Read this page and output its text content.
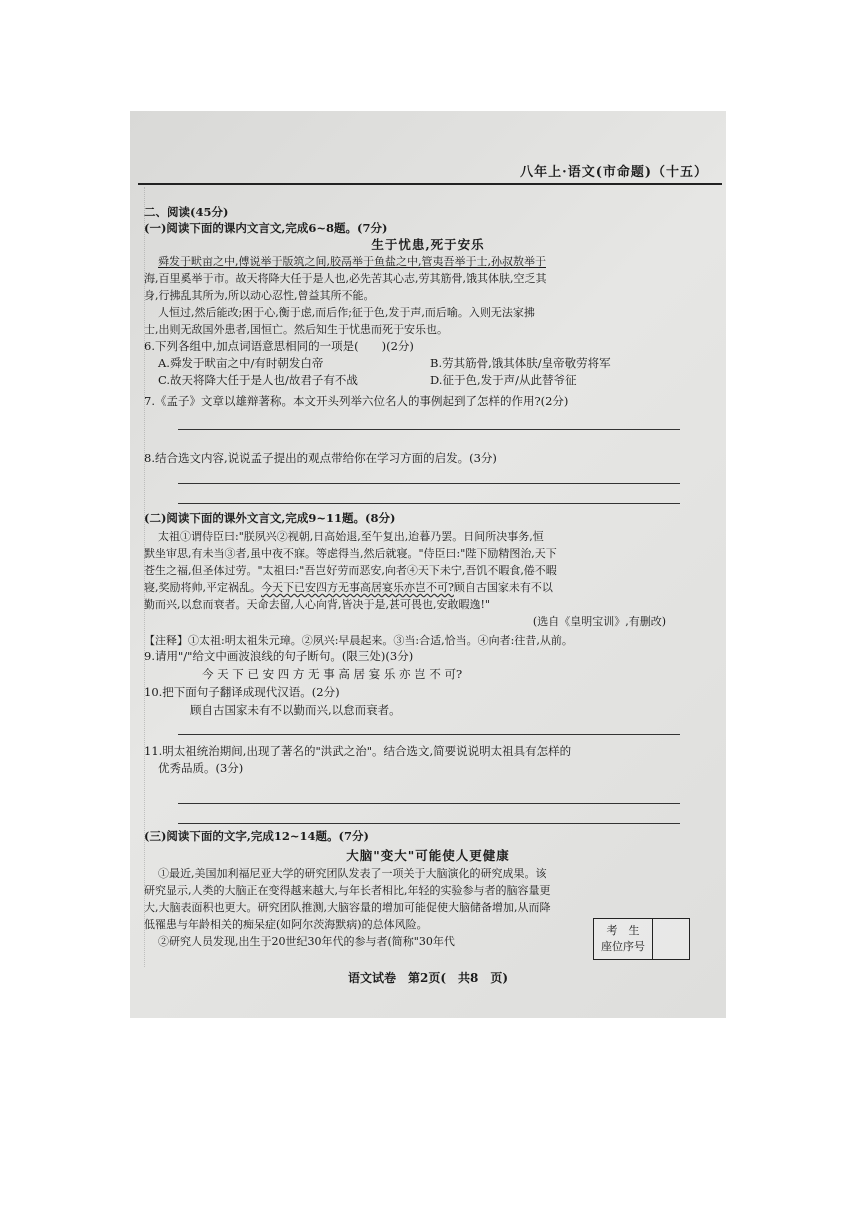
八年上·语文(市命题)（十五）
二、阅读(45分)
(一)阅读下面的课内文言文,完成6~8题。(7分)
生于忧患,死于安乐
舜发于畎亩之中,傅说举于版筑之间,胶鬲举于鱼盐之中,管夷吾举于士,孙叔敖举于
海,百里奚举于市。故天将降大任于是人也,必先苦其心志,劳其筋骨,饿其体肤,空乏其
身,行拂乱其所为,所以动心忍性,曾益其所不能。
人恒过,然后能改;困于心,衡于虑,而后作;征于色,发于声,而后喻。入则无法家拂
士,出则无敌国外患者,国恒亡。然后知生于忧患而死于安乐也。
6.下列各组中,加点词语意思相同的一项是(　　)(2分)
A.舜发于畎亩之中/有时朝发白帝	B.劳其筋骨,饿其体肤/皇帝敬劳将军
C.故天将降大任于是人也/故君子有不战	D.征于色,发于声/从此替爷征
7.《孟子》文章以雄辩著称。本文开头列举六位名人的事例起到了怎样的作用?(2分)
8.结合选文内容,说说孟子提出的观点带给你在学习方面的启发。(3分)
(二)阅读下面的课外文言文,完成9~11题。(8分)
太祖①谓侍臣曰:"朕夙兴②视朝,日高始退,至午复出,迨暮乃罢。日间所决事务,恒
默坐审思,有未当③者,虽中夜不寐。等虑得当,然后就寝。"侍臣曰:"陛下励精图治,天下
苍生之福,但圣体过劳。"太祖曰:"吾岂好劳而恶安,向者④天下未宁,吾饥不暇食,倦不暇
寝,奖励将帅,平定祸乱。今天下已安四方无事高居宴乐亦岂不可?顾自古国家未有不以
勤而兴,以怠而衰者。天命去留,人心向背,皆决于是,甚可畏也,安敢暇逸!"
(选自《皇明宝训》,有删改)
【注释】①太祖:明太祖朱元璋。②夙兴:早晨起来。③当:合适,恰当。④向者:往昔,从前。
9.请用"/"给文中画波浪线的句子断句。(限三处)(3分)
今 天 下 已 安 四 方 无 事 高 居 宴 乐 亦 岂 不 可?
10.把下面句子翻译成现代汉语。(2分)
顾自古国家未有不以勤而兴,以怠而衰者。
11.明太祖统治期间,出现了著名的"洪武之治"。结合选文,简要说说明太祖具有怎样的
优秀品质。(3分)
(三)阅读下面的文字,完成12~14题。(7分)
大脑"变大"可能使人更健康
①最近,美国加利福尼亚大学的研究团队发表了一项关于大脑演化的研究成果。该
研究显示,人类的大脑正在变得越来越大,与年长者相比,年轻的实验参与者的脑容量更
大,大脑表面积也更大。研究团队推测,大脑容量的增加可能促使大脑储备增加,从而降
低罹患与年龄相关的痴呆症(如阿尔茨海默病)的总体风险。
②研究人员发现,出生于20世纪30年代的参与者(简称"30年代
考　生
座位序号
语文试卷　第2页(　共8　页)
